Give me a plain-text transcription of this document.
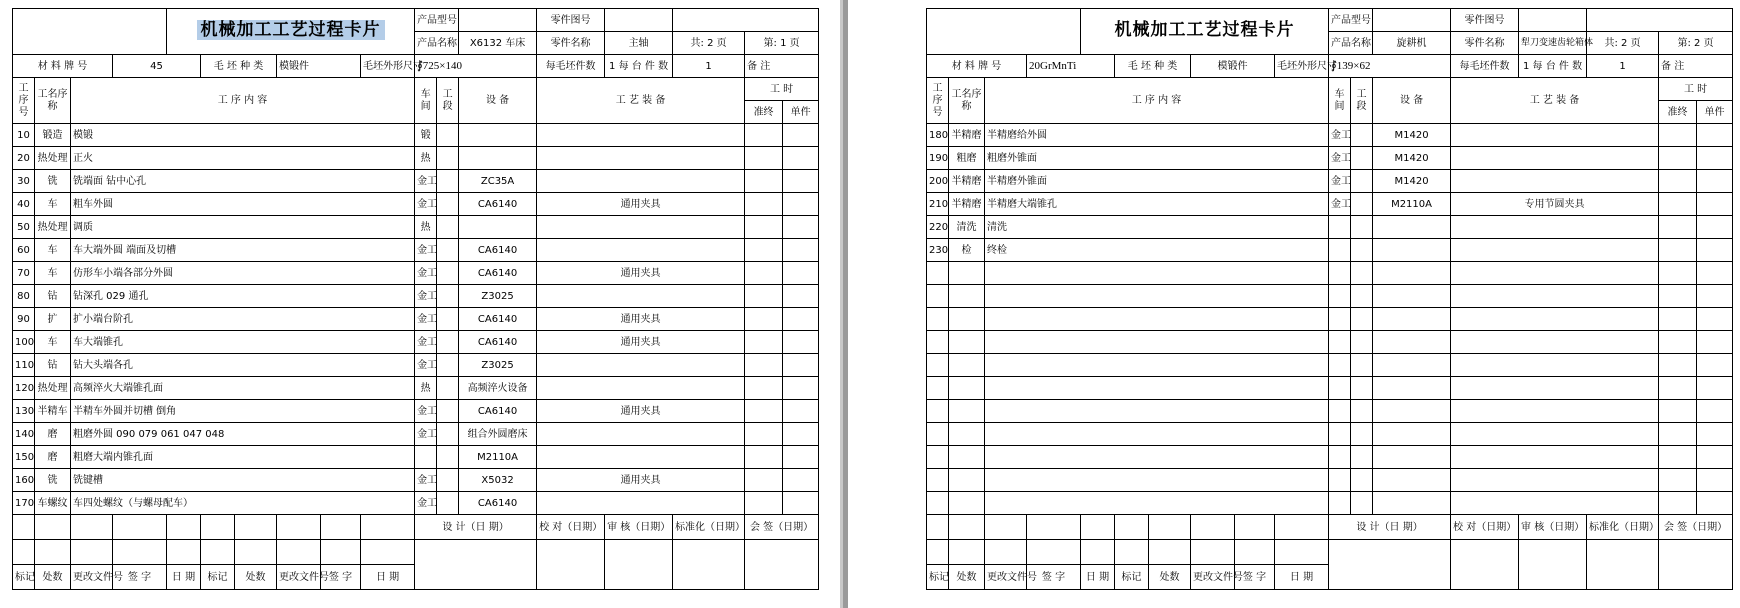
				机械加工工艺过程卡片						产品型号			零件图号				
										产品名称		X6132 车床	零件名称	主轴	共: 2 页	第: 1 页	
材 料 牌 号			45		毛 坯 种 类		模锻件		毛坯外形尺寸	∮725×140			每毛坯件数	1 每 台 件 数	1	备 注	
工序号	工名序称	工 序 内 容								车间	工段	设 备	工 艺 装 备			工 时	
																准终	单件
10	锻造	模锻								锻							
20	热处理	正火								热							
30	铣	铣端面 钻中心孔								金工		ZC35A					
40	车	粗车外圆								金工		CA6140	通用夹具				
50	热处理	调质								热							
60	车	车大端外圆 端面及切槽								金工		CA6140					
70	车	仿形车小端各部分外圆								金工		CA6140	通用夹具				
80	钻	钻深孔 029 通孔								金工		Z3025					
90	扩	扩小端台阶孔								金工		CA6140	通用夹具				
100	车	车大端锥孔								金工		CA6140	通用夹具				
110	钻	钻大头端各孔								金工		Z3025					
120	热处理	高频淬火大端锥孔面								热		高频淬火设备					
130	半精车	半精车外圆并切槽 倒角								金工		CA6140	通用夹具				
140	磨	粗磨外圆 090 079 061 047 048								金工		组合外圆磨床					
150	磨	粗磨大端内锥孔面										M2110A					
160	铣	铣键槽								金工		X5032	通用夹具				
170	车螺纹	车四处螺纹（与螺母配车）								金工		CA6140					
										设 计（日 期）			校 对（日期）	审 核（日期）	标准化（日期）	会 签（日期）	

标记	处数	更改文件号	签 字	日 期	标记	处数	更改文件号	签 字	日 期								
				机械加工工艺过程卡片						产品型号			零件图号				
										产品名称		旋耕机	零件名称	犁刀变速齿轮箱体	共: 2 页	第: 2 页	
材 料 牌 号			20GrMnTi		毛 坯 种 类		模锻件		毛坯外形尺寸	∮139×62			每毛坯件数	1 每 台 件 数	1	备 注	
工序号	工名序称	工 序 内 容								车间	工段	设 备	工 艺 装 备			工 时	
																准终	单件
180	半精磨	半精磨给外圆								金工		M1420					
190	粗磨	粗磨外锥面								金工		M1420					
200	半精磨	半精磨外锥面								金工		M1420					
210	半精磨	半精磨大端锥孔								金工		M2110A	专用节圆夹具				
220	清洗	清洗															
230	检	终检															

										设 计（日 期）			校 对（日期）	审 核（日期）	标准化（日期）	会 签（日期）	

标记	处数	更改文件号	签 字	日 期	标记	处数	更改文件号	签 字	日 期								
